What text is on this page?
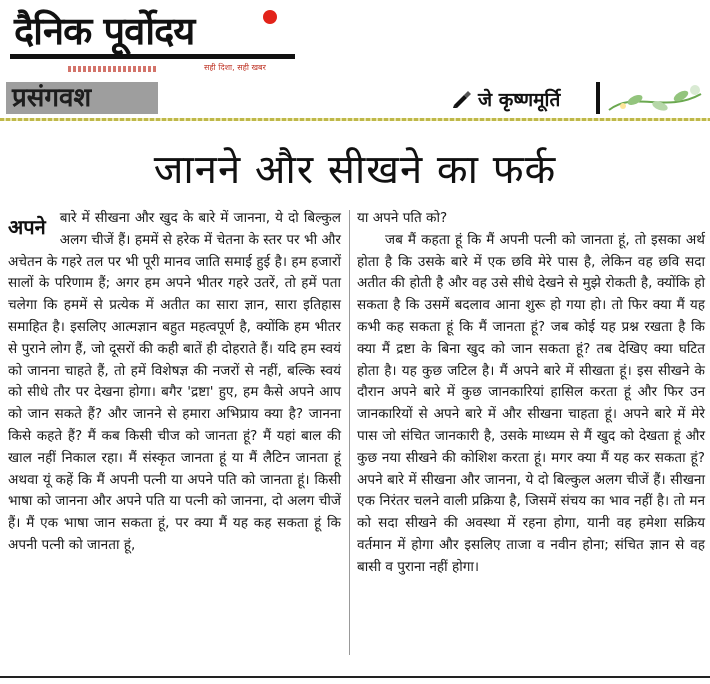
दैनिक पूर्वोदय
सही दिशा, सही खबर
प्रसंगवश	जे कृष्णमूर्ति
जानने और सीखने का फर्क
अपने	बारे में सीखना और खुद के बारे में जानना, ये दो बिल्कुल अलग चीजें हैं। हममें से हरेक में चेतना के स्तर पर भी और अचेतन के गहरे तल पर भी पूरी मानव जाति समाई हुई है। हम हजारों सालों के परिणाम हैं; अगर हम अपने भीतर गहरे उतरें, तो हमें पता चलेगा कि हममें से प्रत्येक में अतीत का सारा ज्ञान, सारा इतिहास समाहित है। इसलिए आत्मज्ञान बहुत महत्वपूर्ण है, क्योंकि हम भीतर से पुराने लोग हैं, जो दूसरों की कही बातें ही दोहराते हैं। यदि हम स्वयं को जानना चाहते हैं, तो हमें विशेषज्ञ की नजरों से नहीं, बल्कि स्वयं को सीधे तौर पर देखना होगा। बगैर 'द्रष्टा' हुए, हम कैसे अपने आप को जान सकते हैं? और जानने से हमारा अभिप्राय क्या है? जानना किसे कहते हैं? मैं कब किसी चीज को जानता हूं? मैं यहां बाल की खाल नहीं निकाल रहा। मैं संस्कृत जानता हूं या मैं लैटिन जानता हूं अथवा यूं कहें कि मैं अपनी पत्नी या अपने पति को जानता हूं। किसी भाषा को जानना और अपने पति या पत्नी को जानना, दो अलग चीजें हैं। मैं एक भाषा जान सकता हूं, पर क्या मैं यह कह सकता हूं कि अपनी पत्नी को जानता हूं,

या अपने पति को?

जब मैं कहता हूं कि मैं अपनी पत्नी को जानता हूं, तो इसका अर्थ होता है कि उसके बारे में एक छवि मेरे पास है, लेकिन वह छवि सदा अतीत की होती है और वह उसे सीधे देखने से मुझे रोकती है, क्योंकि हो सकता है कि उसमें बदलाव आना शुरू हो गया हो। तो फिर क्या मैं यह कभी कह सकता हूं कि मैं जानता हूं? जब कोई यह प्रश्न रखता है कि क्या मैं द्रष्टा के बिना खुद को जान सकता हूं? तब देखिए क्या घटित होता है। यह कुछ जटिल है। मैं अपने बारे में सीखता हूं। इस सीखने के दौरान अपने बारे में कुछ जानकारियां हासिल करता हूं और फिर उन जानकारियों से अपने बारे में और सीखना चाहता हूं। अपने बारे में मेरे पास जो संचित जानकारी है, उसके माध्यम से मैं खुद को देखता हूं और कुछ नया सीखने की कोशिश करता हूं। मगर क्या मैं यह कर सकता हूं? अपने बारे में सीखना और जानना, ये दो बिल्कुल अलग चीजें हैं। सीखना एक निरंतर चलने वाली प्रक्रिया है, जिसमें संचय का भाव नहीं है। तो मन को सदा सीखने की अवस्था में रहना होगा, यानी वह हमेशा सक्रिय वर्तमान में होगा और इसलिए ताजा व नवीन होना; संचित ज्ञान से वह बासी व पुराना नहीं होगा।
